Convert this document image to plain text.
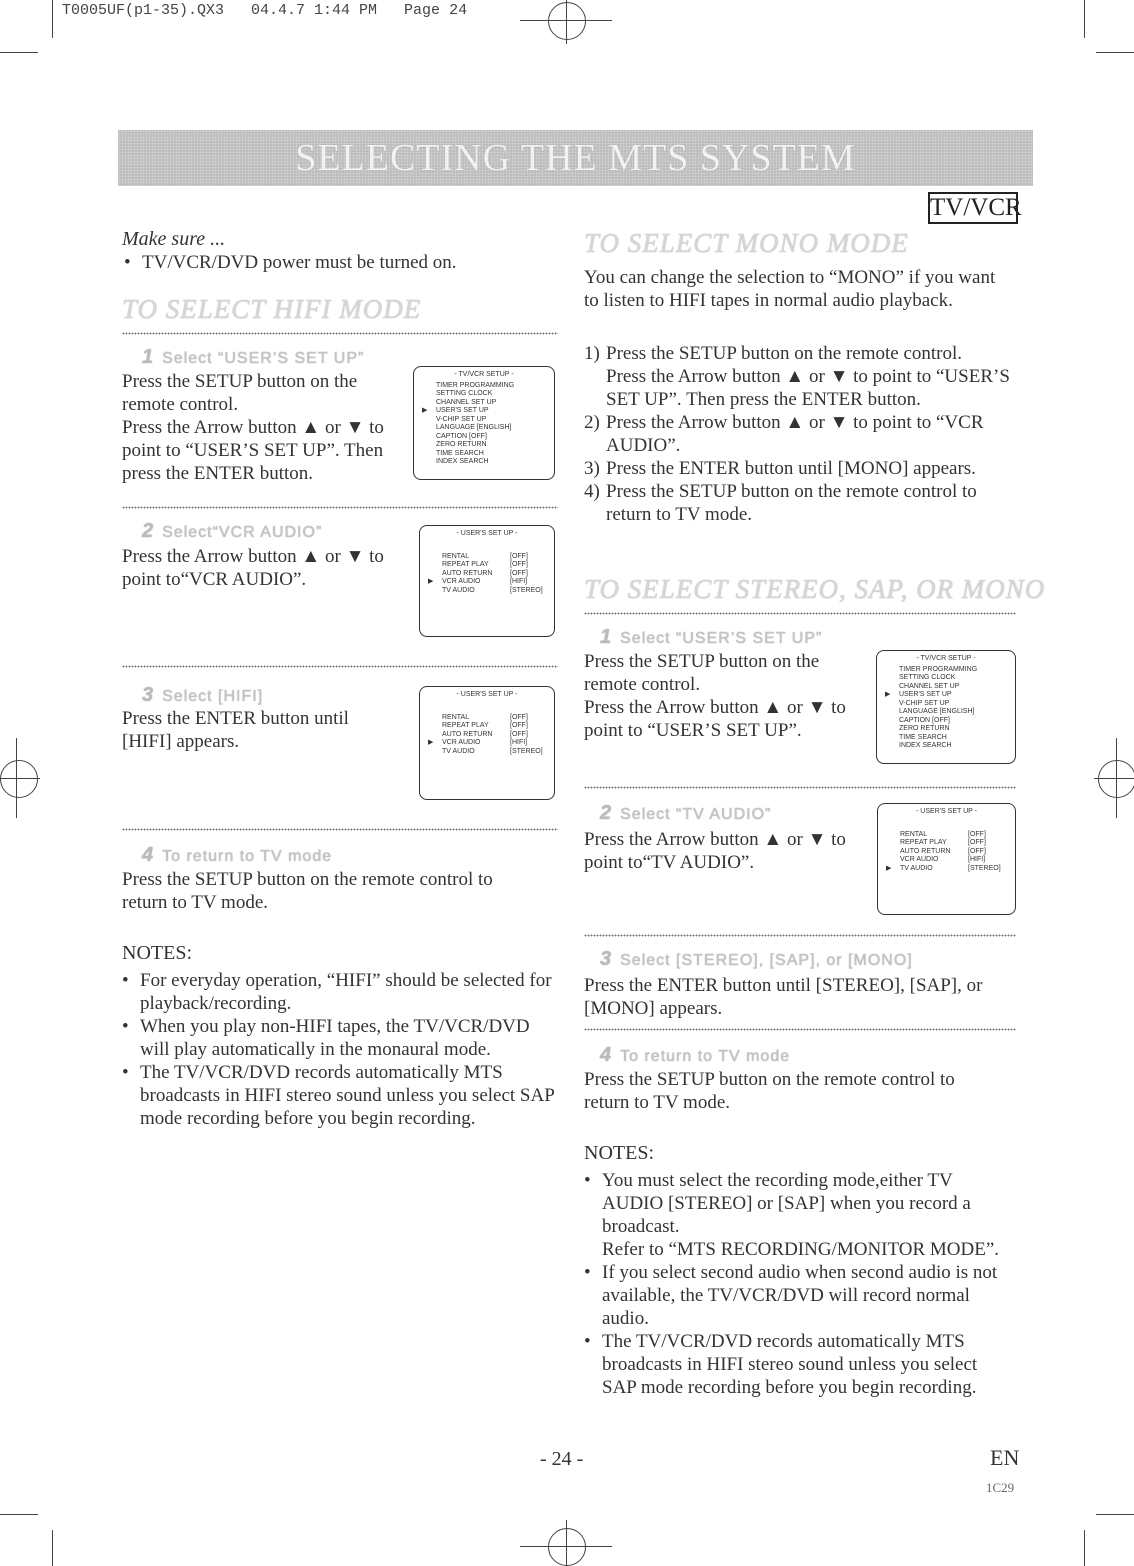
T0005UF(p1-35).QX3   04.4.7 1:44 PM   Page 24
SELECTING THE MTS SYSTEM
TV/VCR
Make sure ...
• TV/VCR/DVD power must be turned on.
TO SELECT HIFI MODE
1 Select “USER’S SET UP”
Press the SETUP button on the remote control.
Press the Arrow button ▲ or ▼ to point to “USER’S SET UP”. Then press the ENTER button.
- TV/VCR SETUP -
TIMER PROGRAMMING
SETTING CLOCK
CHANNEL SET UP
USER'S SET UP
▶
V-CHIP SET UP
LANGUAGE [ENGLISH]
CAPTION [OFF]
ZERO RETURN
TIME SEARCH
INDEX SEARCH
2 Select“VCR AUDIO”
Press the Arrow button ▲ or ▼ to point to“VCR AUDIO”.
- USER'S SET UP -
RENTAL	[OFF]
REPEAT PLAY	[OFF]
AUTO RETURN	[OFF]
VCR AUDIO	[HIFI]
▶
TV AUDIO	[STEREO]
3 Select [HIFI]
Press the ENTER button until [HIFI] appears.
- USER'S SET UP -
RENTAL	[OFF]
REPEAT PLAY	[OFF]
AUTO RETURN	[OFF]
VCR AUDIO	[HIFI]
▶
TV AUDIO	[STEREO]
4 To return to TV mode
Press the SETUP button on the remote control to return to TV mode.
NOTES:
• For everyday operation, “HIFI” should be selected for playback/recording.
• When you play non-HIFI tapes, the TV/VCR/DVD will play automatically in the monaural mode.
• The TV/VCR/DVD records automatically MTS broadcasts in HIFI stereo sound unless you select SAP mode recording before you begin recording.
TO SELECT MONO MODE
You can change the selection to “MONO” if you want to listen to HIFI tapes in normal audio playback.
1) Press the SETUP button on the remote control.
Press the Arrow button ▲ or ▼ to point to “USER’S SET UP”. Then press the ENTER button.
2) Press the Arrow button ▲ or ▼ to point to “VCR AUDIO”.
3) Press the ENTER button until [MONO] appears.
4) Press the SETUP button on the remote control to return to TV mode.
TO SELECT STEREO, SAP, OR MONO
1 Select “USER’S SET UP”
Press the SETUP button on the remote control.
Press the Arrow button ▲ or ▼ to point to “USER’S SET UP”.
- TV/VCR SETUP -
TIMER PROGRAMMING
SETTING CLOCK
CHANNEL SET UP
USER'S SET UP
▶
V-CHIP SET UP
LANGUAGE [ENGLISH]
CAPTION [OFF]
ZERO RETURN
TIME SEARCH
INDEX SEARCH
2 Select “TV AUDIO”
Press the Arrow button ▲ or ▼ to point to“TV AUDIO”.
- USER'S SET UP -
RENTAL	[OFF]
REPEAT PLAY	[OFF]
AUTO RETURN	[OFF]
VCR AUDIO	[HIFI]
TV AUDIO	[STEREO]
▶
3 Select [STEREO], [SAP], or [MONO]
Press the ENTER button until [STEREO], [SAP], or [MONO] appears.
4 To return to TV mode
Press the SETUP button on the remote control to return to TV mode.
NOTES:
• You must select the recording mode,either TV AUDIO [STEREO] or [SAP] when you record a broadcast.
Refer to “MTS RECORDING/MONITOR MODE”.
• If you select second audio when second audio is not available, the TV/VCR/DVD will record normal audio.
• The TV/VCR/DVD records automatically MTS broadcasts in HIFI stereo sound unless you select SAP mode recording before you begin recording.
- 24 -	EN
1C29
